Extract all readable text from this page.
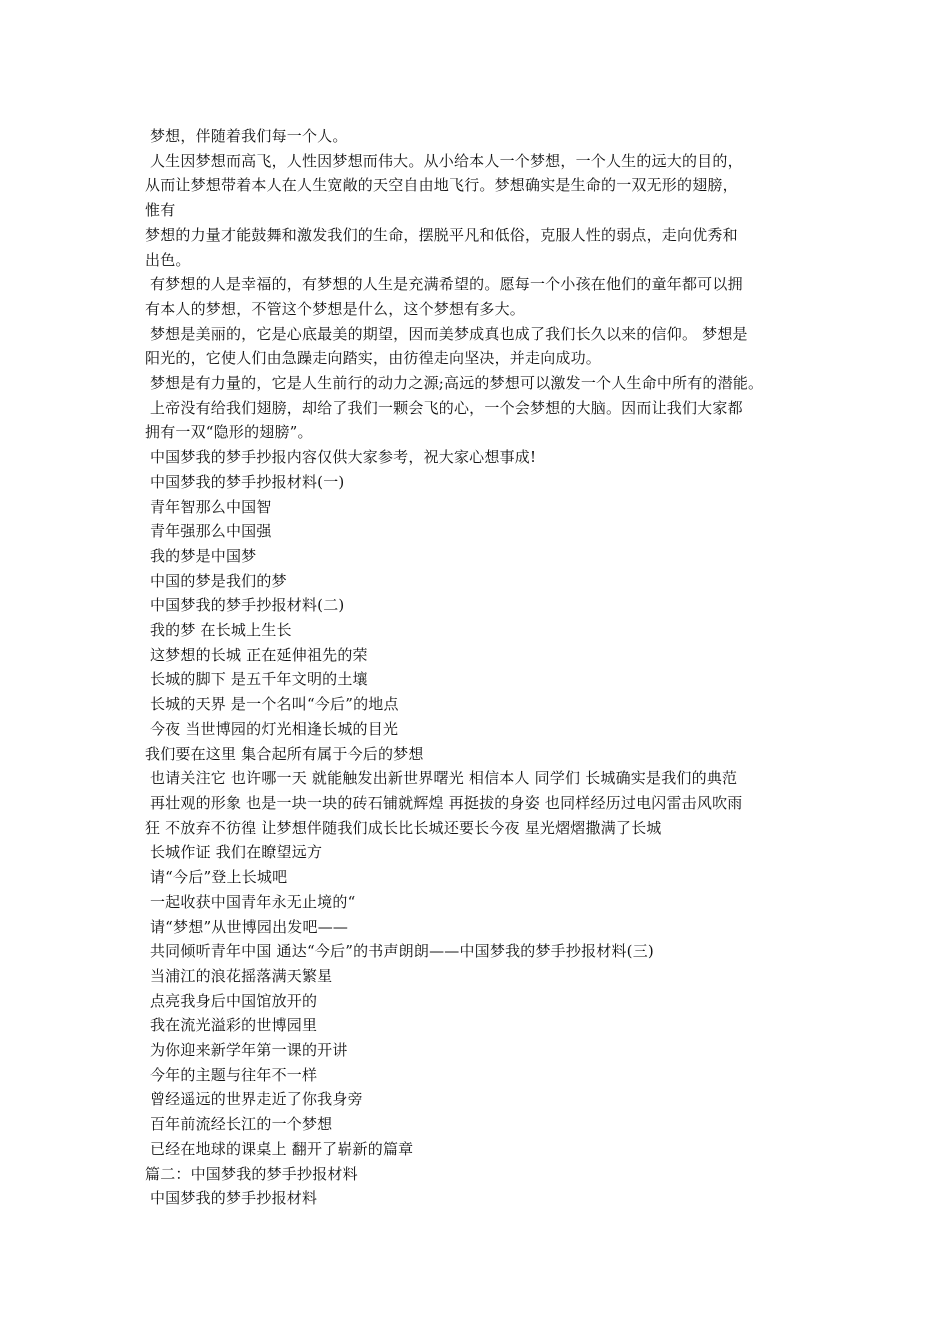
梦想，伴随着我们每一个人。

人生因梦想而高飞，人性因梦想而伟大。从小给本人一个梦想，一个人生的远大的目的，

从而让梦想带着本人在人生宽敞的天空自由地飞行。梦想确实是生命的一双无形的翅膀，

惟有

梦想的力量才能鼓舞和激发我们的生命，摆脱平凡和低俗，克服人性的弱点，走向优秀和

出色。

有梦想的人是幸福的，有梦想的人生是充满希望的。愿每一个小孩在他们的童年都可以拥

有本人的梦想，不管这个梦想是什么，这个梦想有多大。

梦想是美丽的，它是心底最美的期望，因而美梦成真也成了我们长久以来的信仰。 梦想是

阳光的，它使人们由急躁走向踏实，由彷徨走向坚决，并走向成功。

梦想是有力量的，它是人生前行的动力之源;高远的梦想可以激发一个人生命中所有的潜能。

上帝没有给我们翅膀，却给了我们一颗会飞的心，一个会梦想的大脑。因而让我们大家都

拥有一双“隐形的翅膀”。

中国梦我的梦手抄报内容仅供大家参考，祝大家心想事成!

中国梦我的梦手抄报材料(一)

青年智那么中国智

青年强那么中国强

我的梦是中国梦

中国的梦是我们的梦

中国梦我的梦手抄报材料(二)

我的梦 在长城上生长

这梦想的长城 正在延伸祖先的荣

长城的脚下 是五千年文明的土壤

长城的天界 是一个名叫“今后”的地点

今夜 当世博园的灯光相逢长城的目光

我们要在这里 集合起所有属于今后的梦想

也请关注它 也许哪一天 就能触发出新世界曙光 相信本人 同学们 长城确实是我们的典范

再壮观的形象 也是一块一块的砖石铺就辉煌 再挺拔的身姿 也同样经历过电闪雷击风吹雨

狂 不放弃不彷徨 让梦想伴随我们成长比长城还要长今夜 星光熠熠撒满了长城

长城作证 我们在瞭望远方

请“今后”登上长城吧

一起收获中国青年永无止境的“

请“梦想”从世博园出发吧——

共同倾听青年中国 通达“今后”的书声朗朗——中国梦我的梦手抄报材料(三)

当浦江的浪花摇落满天繁星

点亮我身后中国馆放开的

我在流光溢彩的世博园里

为你迎来新学年第一课的开讲

今年的主题与往年不一样

曾经遥远的世界走近了你我身旁

百年前流经长江的一个梦想

已经在地球的课桌上 翻开了崭新的篇章

篇二：中国梦我的梦手抄报材料

中国梦我的梦手抄报材料
